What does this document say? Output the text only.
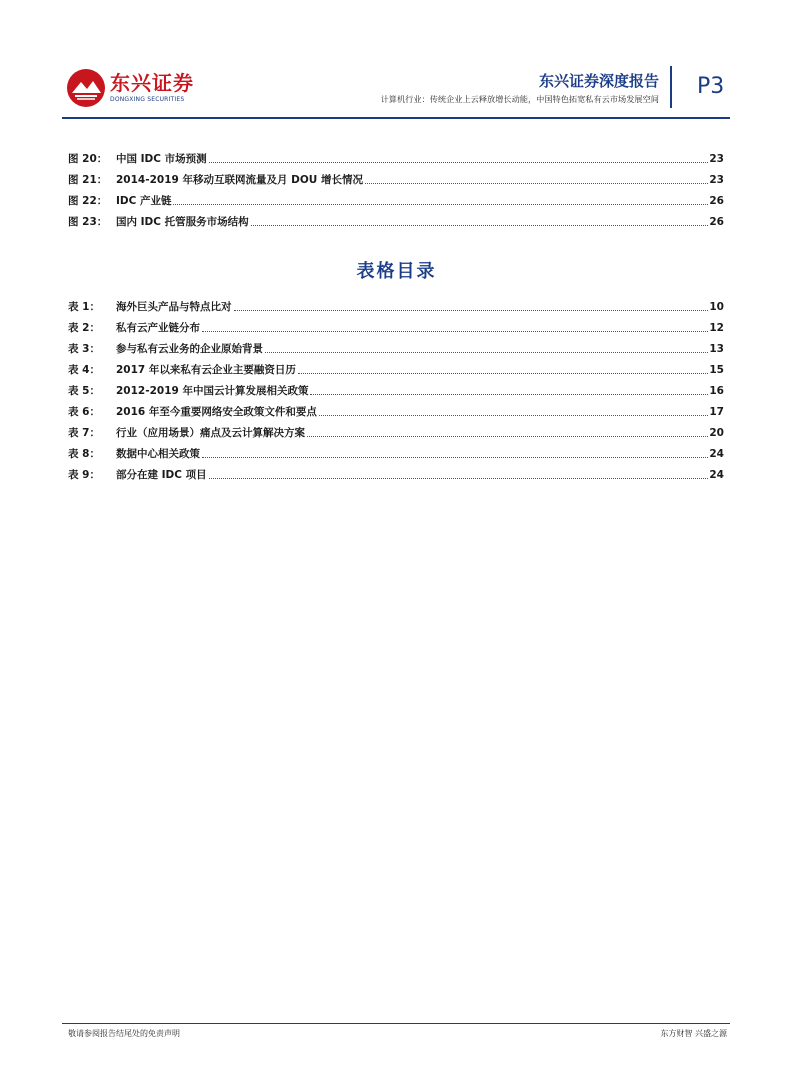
东兴证券
DONGXING SECURITIES
东兴证券深度报告
计算机行业：传统企业上云释放增长动能，中国特色拓宽私有云市场发展空间 P3
图 20： 中国 IDC 市场预测	23
图 21： 2014-2019 年移动互联网流量及月 DOU 增长情况	23
图 22： IDC 产业链	26
图 23： 国内 IDC 托管服务市场结构	26
表格目录
表 1：	海外巨头产品与特点比对	10
表 2：	私有云产业链分布	12
表 3：	参与私有云业务的企业原始背景	13
表 4：	2017 年以来私有云企业主要融资日历	15
表 5：	2012-2019 年中国云计算发展相关政策	16
表 6：	2016 年至今重要网络安全政策文件和要点	17
表 7：	行业（应用场景）痛点及云计算解决方案	20
表 8：	数据中心相关政策	24
表 9：	部分在建 IDC 项目	24
敬请参阅报告结尾处的免责声明	东方财智 兴盛之源
